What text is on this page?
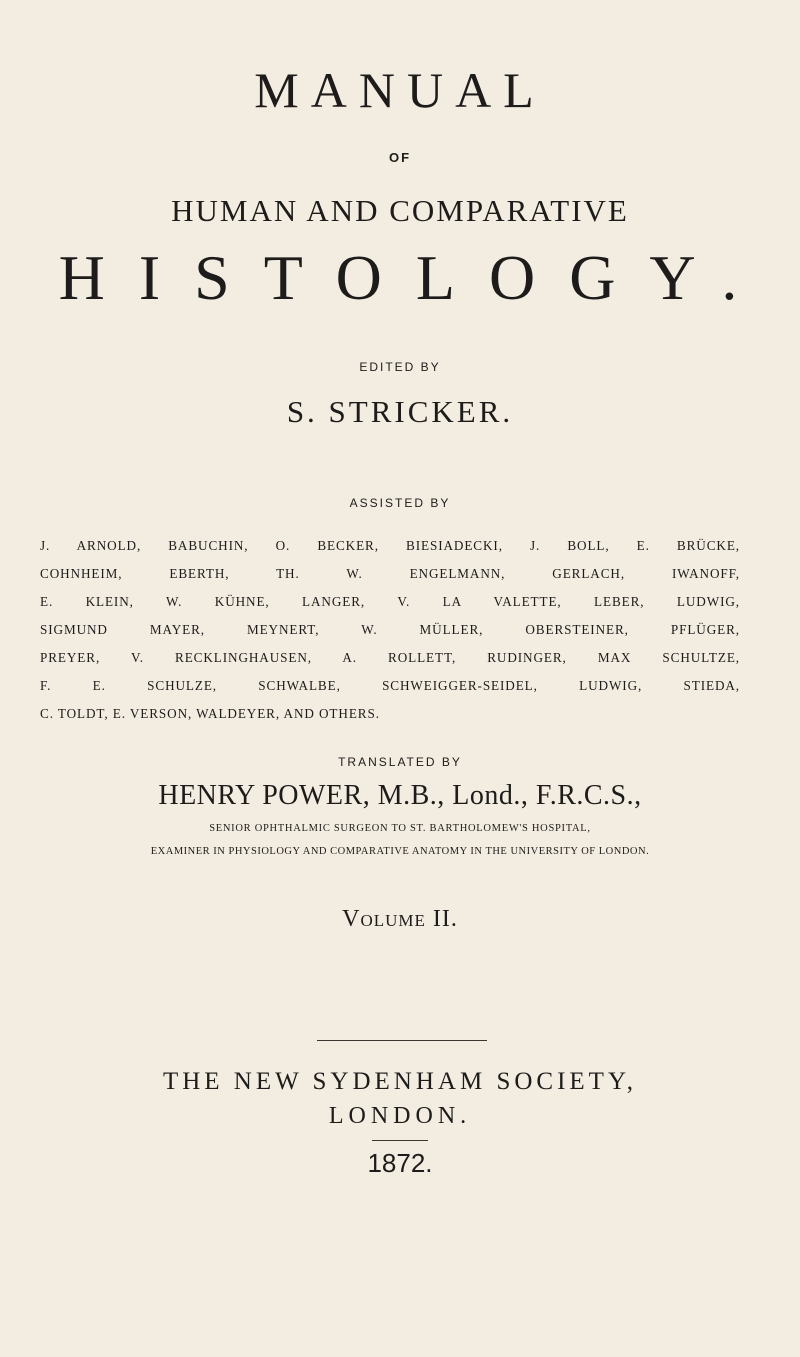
MANUAL
OF
HUMAN AND COMPARATIVE
HISTOLOGY.
EDITED BY
S. STRICKER.
ASSISTED BY
J. ARNOLD, BABUCHIN, O. BECKER, BIESIADECKI, J. BOLL, E. BRÜCKE,
COHNHEIM, EBERTH, TH. W. ENGELMANN, GERLACH, IWANOFF,
E. KLEIN, W. KÜHNE, LANGER, V. LA VALETTE, LEBER, LUDWIG,
SIGMUND MAYER, MEYNERT, W. MÜLLER, OBERSTEINER, PFLÜGER,
PREYER, V. RECKLINGHAUSEN, A. ROLLETT, RUDINGER, MAX SCHULTZE,
F. E. SCHULZE, SCHWALBE, SCHWEIGGER-SEIDEL, LUDWIG, STIEDA,
C. TOLDT, E. VERSON, WALDEYER, AND OTHERS.
TRANSLATED BY
HENRY POWER, M.B., Lond., F.R.C.S.,
SENIOR OPHTHALMIC SURGEON TO ST. BARTHOLOMEW'S HOSPITAL,
EXAMINER IN PHYSIOLOGY AND COMPARATIVE ANATOMY IN THE UNIVERSITY OF LONDON.
Volume II.
THE NEW SYDENHAM SOCIETY,
LONDON.
1872.
